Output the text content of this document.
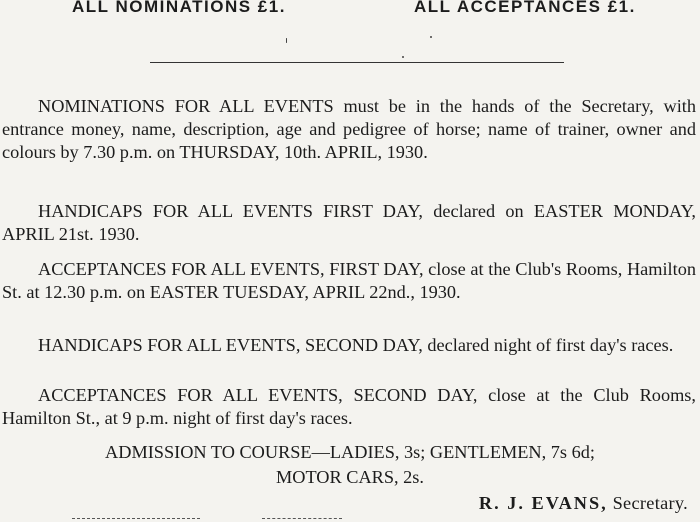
ALL NOMINATIONS £1.	ALL ACCEPTANCES £1.

NOMINATIONS FOR ALL EVENTS must be in the hands of the Secretary, with entrance money, name, description, age and pedigree of horse; name of trainer, owner and colours by 7.30 p.m. on THURSDAY, 10th. APRIL, 1930.

HANDICAPS FOR ALL EVENTS FIRST DAY, declared on EASTER MONDAY, APRIL 21st. 1930.

ACCEPTANCES FOR ALL EVENTS, FIRST DAY, close at the Club's Rooms, Hamilton St. at 12.30 p.m. on EASTER TUESDAY, APRIL 22nd., 1930.

HANDICAPS FOR ALL EVENTS, SECOND DAY, declared night of first day's races.

ACCEPTANCES FOR ALL EVENTS, SECOND DAY, close at the Club Rooms, Hamilton St., at 9 p.m. night of first day's races.

ADMISSION TO COURSE—LADIES, 3s; GENTLEMEN, 7s 6d;

MOTOR CARS, 2s.

R. J. EVANS, Secretary.
